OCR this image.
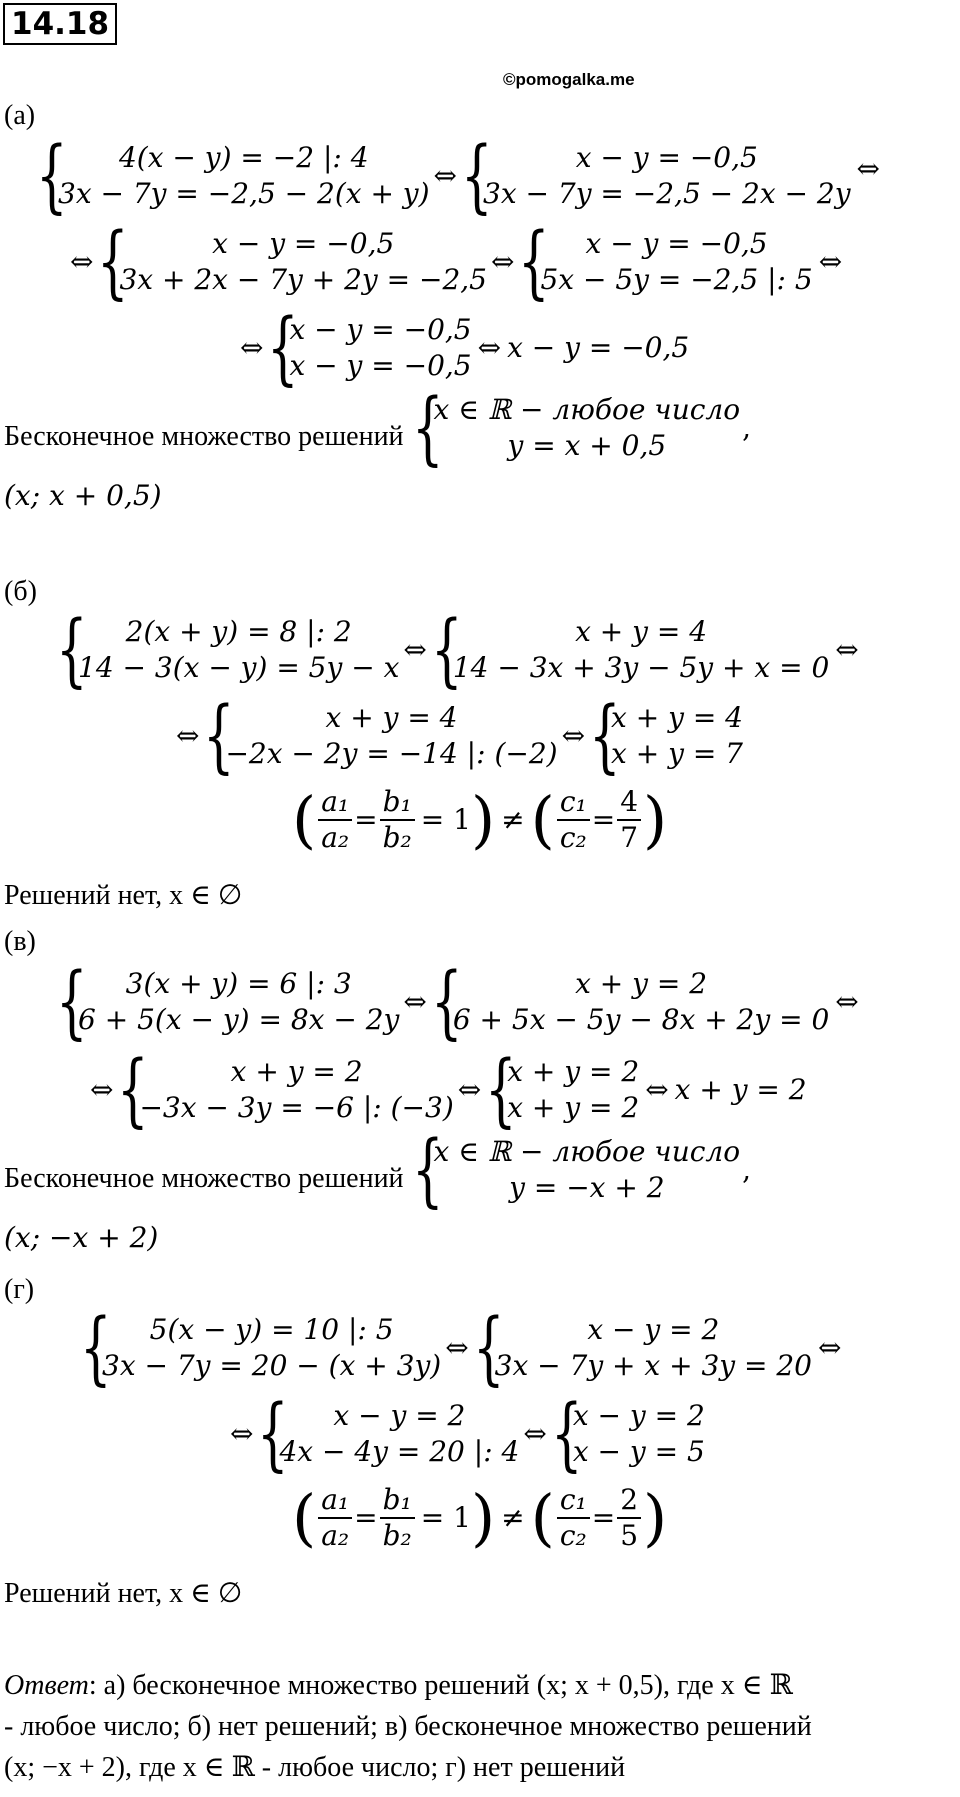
14.18
©pomogalka.me
(а)
{	4(x − y) = −2 |: 4
3x − 7y = −2,5 − 2(x + y)
⇔ {	x − y = −0,5
3x − 7y = −2,5 − 2x − 2y
⇔
⇔ {	x − y = −0,5
3x + 2x − 7y + 2y = −2,5
⇔ {	x − y = −0,5
5x − 5y = −2,5 |: 5
⇔
⇔ {
x − y = −0,5
x − y = −0,5
⇔ x − y = −0,5
Бесконечное множество решений {
x ∈ ℝ − любое число
y = x + 0,5
,
(x; x + 0,5)
(б)
{	2(x + y) = 8 |: 2
14 − 3(x − y) = 5y − x
⇔ {	x + y = 4
14 − 3x + 3y − 5y + x = 0
⇔
⇔ {	x + y = 4
−2x − 2y = −14 |: (−2)
⇔ {
x + y = 4
x + y = 7
( $\frac{\text{a₁}}{\text{a₂}} = \frac{\text{b₁}}{\text{b₂}} = 1$ ) ≠ ( $\frac{\text{c₁}}{\text{c₂}} = \frac{4}{7}$ )
Решений нет, x ∈ ∅
(в)
{	3(x + y) = 6 |: 3
6 + 5(x − y) = 8x − 2y
⇔ {	x + y = 2
6 + 5x − 5y − 8x + 2y = 0
⇔
⇔ {	x + y = 2
−3x − 3y = −6 |: (−3)
⇔ {
x + y = 2
x + y = 2
⇔ x + y = 2
Бесконечное множество решений {
x ∈ ℝ − любое число
y = −x + 2
,
(x; −x + 2)
(г)
{	5(x − y) = 10 |: 5
3x − 7y = 20 − (x + 3y)
⇔ {	x − y = 2
3x − 7y + x + 3y = 20
⇔
⇔ {	x − y = 2
4x − 4y = 20 |: 4
⇔ {
x − y = 2
x − y = 5
( $\frac{\text{a₁}}{\text{a₂}} = \frac{\text{b₁}}{\text{b₂}} = 1$ ) ≠ ( $\frac{\text{c₁}}{\text{c₂}} = \frac{2}{5}$ )
Решений нет, x ∈ ∅
Ответ: а) бесконечное множество решений (x; x + 0,5), где x ∈ ℝ
- любое число; б) нет решений; в) бесконечное множество решений
(x; −x + 2), где x ∈ ℝ - любое число; г) нет решений
